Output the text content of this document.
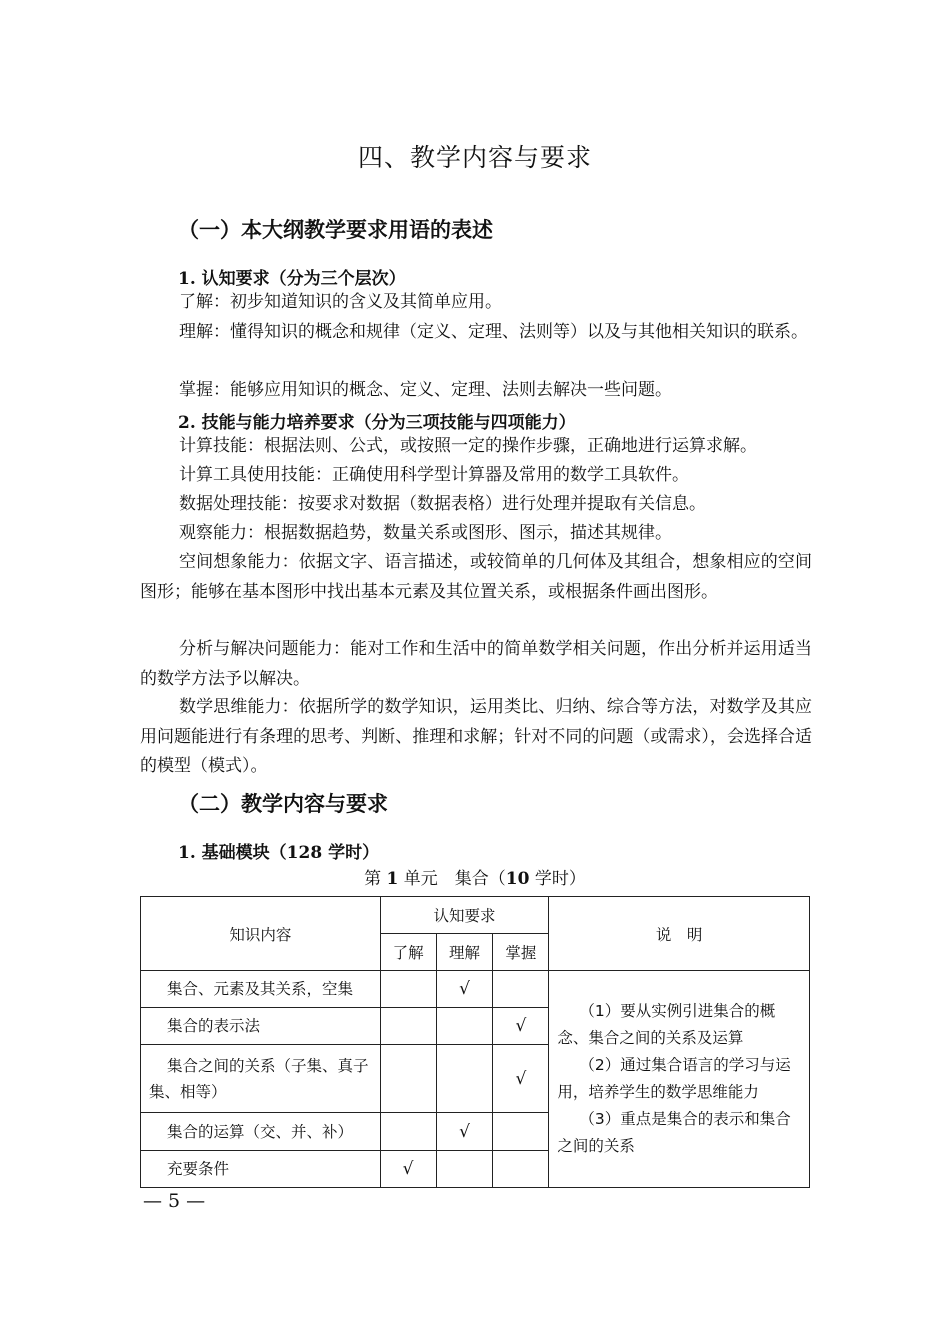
四、教学内容与要求
（一）本大纲教学要求用语的表述
1. 认知要求（分为三个层次）

了解：初步知道知识的含义及其简单应用。

理解：懂得知识的概念和规律（定义、定理、法则等）以及与其他相关知识的联系。

掌握：能够应用知识的概念、定义、定理、法则去解决一些问题。

2. 技能与能力培养要求（分为三项技能与四项能力）

计算技能：根据法则、公式，或按照一定的操作步骤，正确地进行运算求解。

计算工具使用技能：正确使用科学型计算器及常用的数学工具软件。

数据处理技能：按要求对数据（数据表格）进行处理并提取有关信息。

观察能力：根据数据趋势，数量关系或图形、图示，描述其规律。

空间想象能力：依据文字、语言描述，或较简单的几何体及其组合，想象相应的空间图形；能够在基本图形中找出基本元素及其位置关系，或根据条件画出图形。

分析与解决问题能力：能对工作和生活中的简单数学相关问题，作出分析并运用适当的数学方法予以解决。

数学思维能力：依据所学的数学知识，运用类比、归纳、综合等方法，对数学及其应用问题能进行有条理的思考、判断、推理和求解；针对不同的问题（或需求），会选择合适的模型（模式）。

（二）教学内容与要求
1. 基础模块（128 学时）
第 1 单元　集合（10 学时）
知识内容	认知要求			说　明
	了解	理解	掌握	
集合、元素及其关系，空集		√		（1）要从实例引进集合的概念、集合之间的关系及运算

（2）通过集合语言的学习与运用，培养学生的数学思维能力

（3）重点是集合的表示和集合之间的关系

集合的表示法			√	
集合之间的关系（子集、真子集、相等）			√	
集合的运算（交、并、补）		√		
充要条件	√			
— 5 —
